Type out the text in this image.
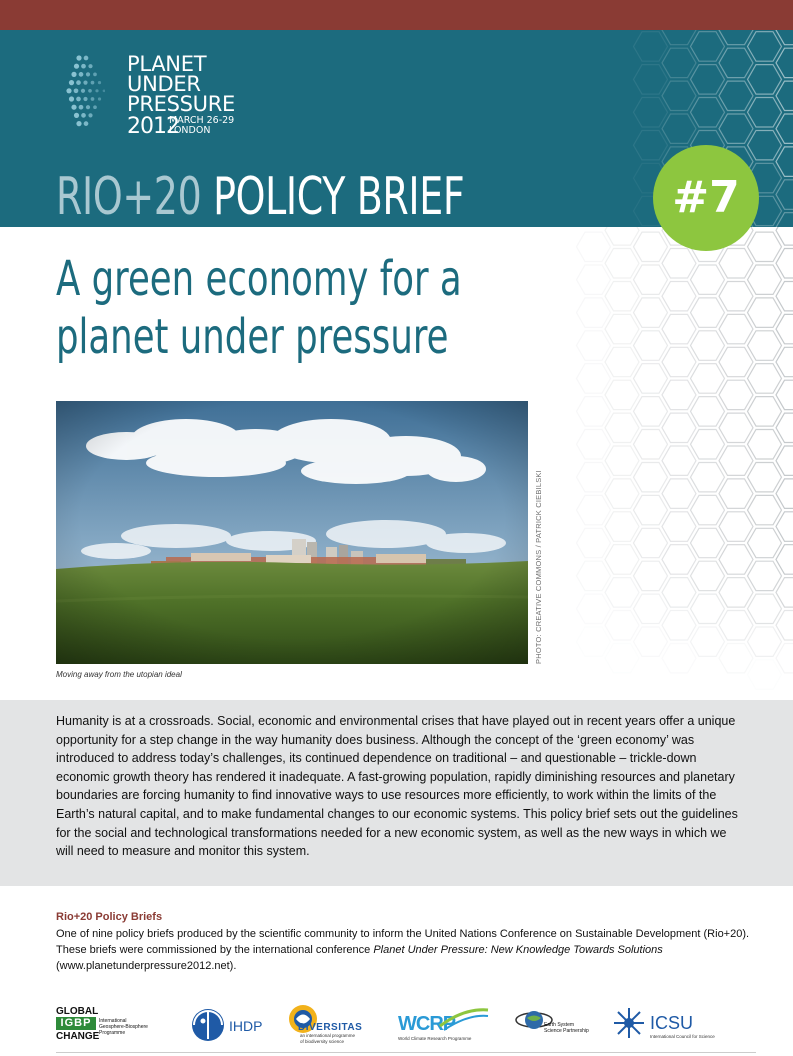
PLANET
UNDER
PRESSURE
2012
MARCH 26-29
LONDON
RIO+20 POLICY BRIEF	#7
A green economy for a
planet under pressure
PHOTO: CREATIVE COMMONS / PATRICK CIEBILSKI
Moving away from the utopian ideal

Humanity is at a crossroads. Social, economic and environmental crises that have played out in recent years offer a unique opportunity for a step change in the way humanity does business. Although the concept of the ‘green economy’ was introduced to address today’s challenges, its continued dependence on traditional – and questionable – trickle-down economic growth theory has rendered it inadequate. A fast-growing population, rapidly diminishing resources and planetary boundaries are forcing humanity to find innovative ways to use resources more efficiently, to work within the limits of the Earth’s natural capital, and to make fundamental changes to our economic systems. This policy brief sets out the guidelines for the social and technological transformations needed for a new economic system, as well as the new ways in which we will need to measure and monitor this system.

Rio+20 Policy Briefs

One of nine policy briefs produced by the scientific community to inform the United Nations Conference on Sustainable Development (Rio+20). These briefs were commissioned by the international conference Planet Under Pressure: New Knowledge Towards Solutions (www.planetunderpressure2012.net).

GLOBAL
IGBP
CHANGE
International
Geosphere-Biosphere
Programme	IHDP	DIVERSITAS
an international programme
of biodiversity science
WCRP
World Climate Research Programme
Earth System
Science Partnership	ICSU
International Council for Science
